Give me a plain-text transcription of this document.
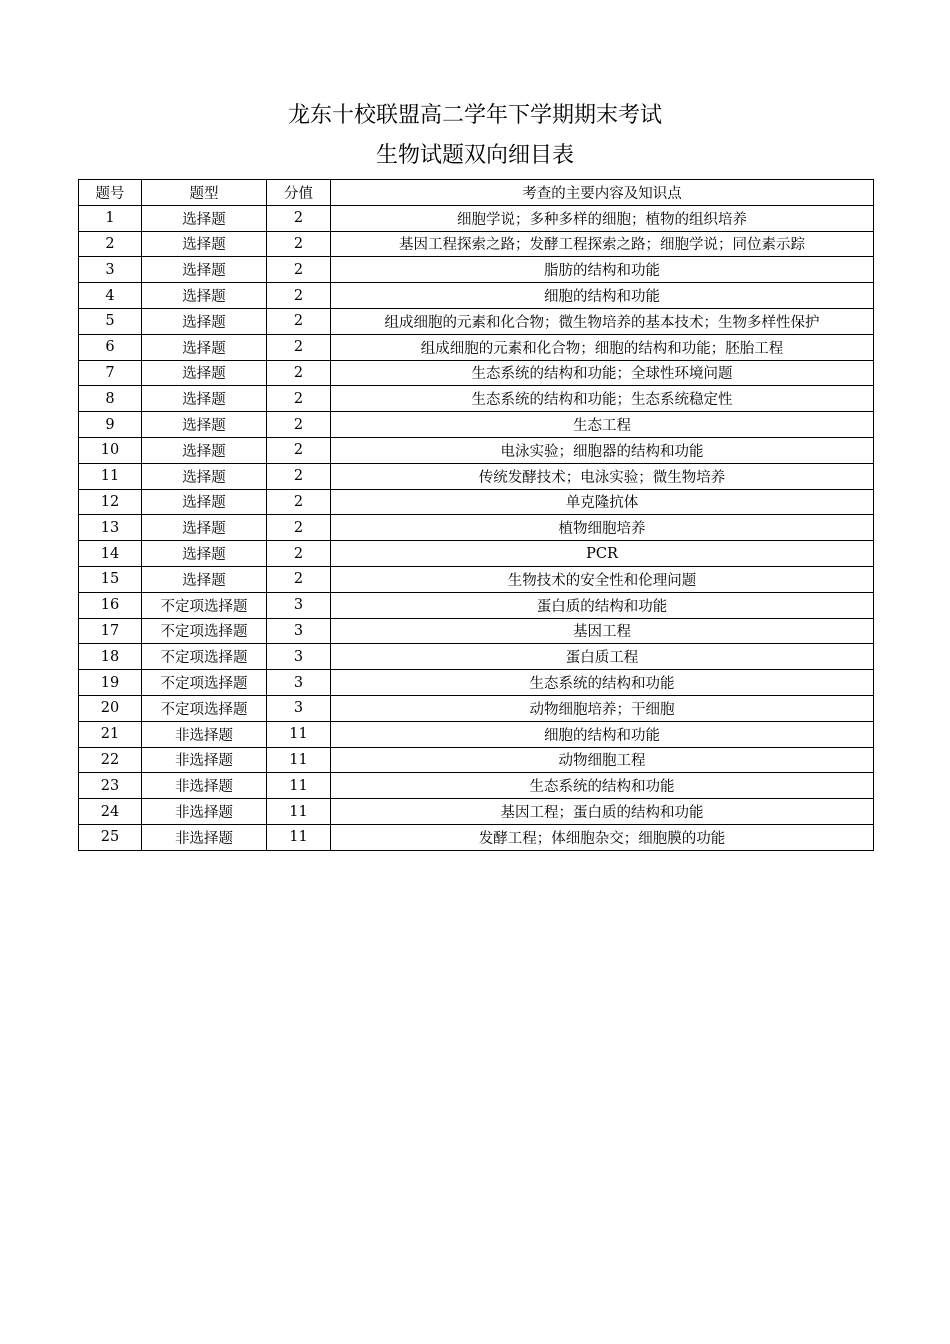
龙东十校联盟高二学年下学期期末考试
生物试题双向细目表
题号	题型	分值	考查的主要内容及知识点
1	选择题	2	细胞学说；多种多样的细胞；植物的组织培养
2	选择题	2	基因工程探索之路；发酵工程探索之路；细胞学说；同位素示踪
3	选择题	2	脂肪的结构和功能
4	选择题	2	细胞的结构和功能
5	选择题	2	组成细胞的元素和化合物；微生物培养的基本技术；生物多样性保护
6	选择题	2	组成细胞的元素和化合物；细胞的结构和功能；胚胎工程
7	选择题	2	生态系统的结构和功能；全球性环境问题
8	选择题	2	生态系统的结构和功能；生态系统稳定性
9	选择题	2	生态工程
10	选择题	2	电泳实验；细胞器的结构和功能
11	选择题	2	传统发酵技术；电泳实验；微生物培养
12	选择题	2	单克隆抗体
13	选择题	2	植物细胞培养
14	选择题	2	PCR
15	选择题	2	生物技术的安全性和伦理问题
16	不定项选择题	3	蛋白质的结构和功能
17	不定项选择题	3	基因工程
18	不定项选择题	3	蛋白质工程
19	不定项选择题	3	生态系统的结构和功能
20	不定项选择题	3	动物细胞培养；干细胞
21	非选择题	11	细胞的结构和功能
22	非选择题	11	动物细胞工程
23	非选择题	11	生态系统的结构和功能
24	非选择题	11	基因工程；蛋白质的结构和功能
25	非选择题	11	发酵工程；体细胞杂交；细胞膜的功能
